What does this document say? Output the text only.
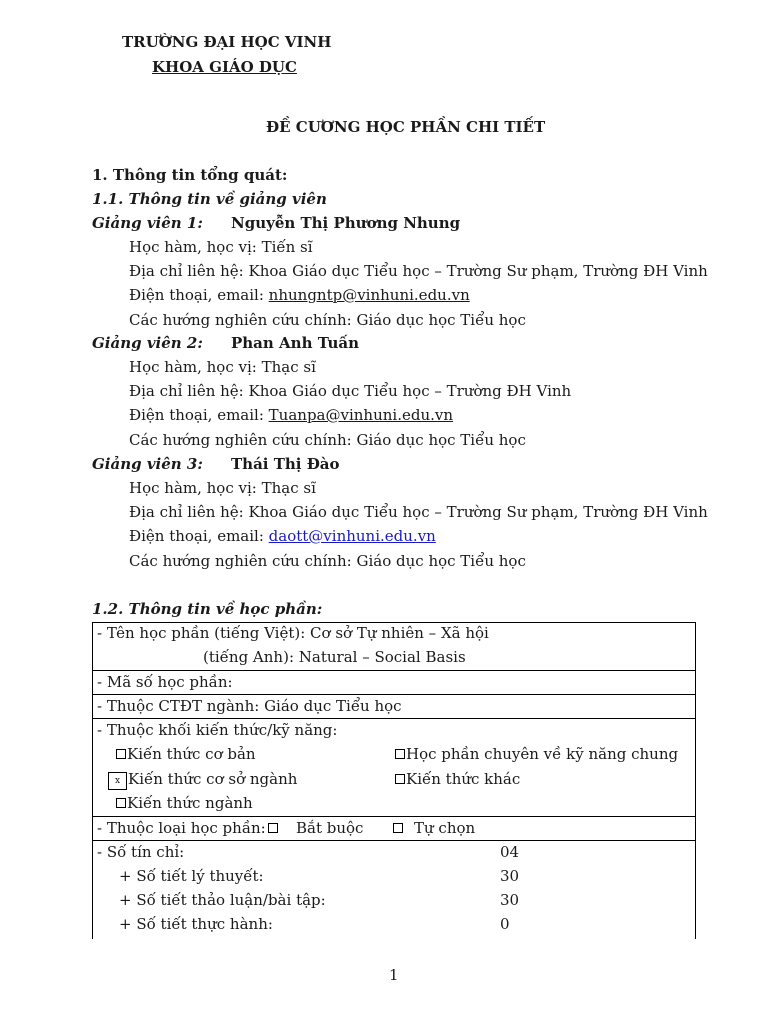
TRƯỜNG ĐẠI HỌC VINH
KHOA GIÁO DỤC
ĐỀ CƯƠNG HỌC PHẦN CHI TIẾT
1. Thông tin tổng quát:
1.1. Thông tin về giảng viên
Giảng viên 1: Nguyễn Thị Phương Nhung
Học hàm, học vị: Tiến sĩ
Địa chỉ liên hệ: Khoa Giáo dục Tiểu học – Trường Sư phạm, Trường ĐH Vinh
Điện thoại, email: nhungntp@vinhuni.edu.vn
Các hướng nghiên cứu chính: Giáo dục học Tiểu học
Giảng viên 2: Phan Anh Tuấn
Học hàm, học vị: Thạc sĩ
Địa chỉ liên hệ: Khoa Giáo dục Tiểu học – Trường ĐH Vinh
Điện thoại, email: Tuanpa@vinhuni.edu.vn
Các hướng nghiên cứu chính: Giáo dục học Tiểu học
Giảng viên 3: Thái Thị Đào
Học hàm, học vị: Thạc sĩ
Địa chỉ liên hệ: Khoa Giáo dục Tiểu học – Trường Sư phạm, Trường ĐH Vinh
Điện thoại, email: daott@vinhuni.edu.vn
Các hướng nghiên cứu chính: Giáo dục học Tiểu học
1.2. Thông tin về học phần:
- Tên học phần (tiếng Việt): Cơ sở Tự nhiên – Xã hội
(tiếng Anh): Natural – Social Basis
- Mã số học phần:
- Thuộc CTĐT ngành: Giáo dục Tiểu học
- Thuộc khối kiến thức/kỹ năng:
Kiến thức cơ bản	Học phần chuyên về kỹ năng chung
x Kiến thức cơ sở ngành	Kiến thức khác
Kiến thức ngành
- Thuộc loại học phần: Bắt buộc	Tự chọn
- Số tín chỉ:	04
+ Số tiết lý thuyết:	30
+ Số tiết thảo luận/bài tập:	30
+ Số tiết thực hành:	0
1
